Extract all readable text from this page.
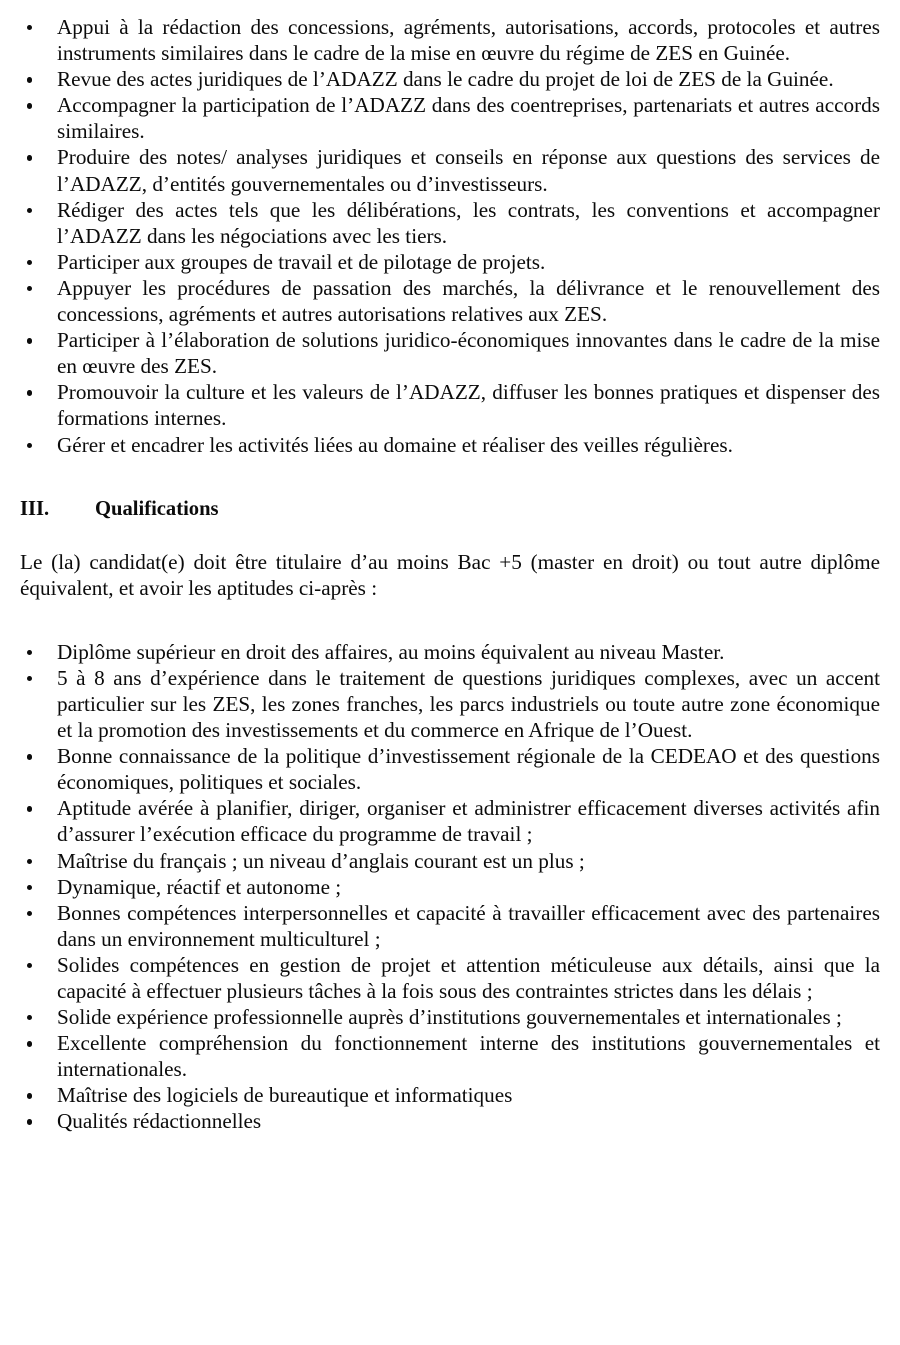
Appui à la rédaction des concessions, agréments, autorisations, accords, protocoles et autres instruments similaires dans le cadre de la mise en œuvre du régime de ZES en Guinée.
Revue des actes juridiques de l’ADAZZ dans le cadre du projet de loi de ZES de la Guinée.
Accompagner la participation de l’ADAZZ dans des coentreprises, partenariats et autres accords similaires.
Produire des notes/ analyses juridiques et conseils en réponse aux questions des services de l’ADAZZ, d’entités gouvernementales ou d’investisseurs.
Rédiger des actes tels que les délibérations, les contrats, les conventions et accompagner l’ADAZZ dans les négociations avec les tiers.
Participer aux groupes de travail et de pilotage de projets.
Appuyer les procédures de passation des marchés, la délivrance et le renouvellement des concessions, agréments et autres autorisations relatives aux ZES.
Participer à l’élaboration de solutions juridico-économiques innovantes dans le cadre de la mise en œuvre des ZES.
Promouvoir la culture et les valeurs de l’ADAZZ, diffuser les bonnes pratiques et dispenser des formations internes.
Gérer et encadrer les activités liées au domaine et réaliser des veilles régulières.
III.	Qualifications

Le (la) candidat(e) doit être titulaire d’au moins Bac +5 (master en droit) ou tout autre diplôme équivalent, et avoir les aptitudes ci-après :

Diplôme supérieur en droit des affaires, au moins équivalent au niveau Master.
5 à 8 ans d’expérience dans le traitement de questions juridiques complexes, avec un accent particulier sur les ZES, les zones franches, les parcs industriels ou toute autre zone économique et la promotion des investissements et du commerce en Afrique de l’Ouest.
Bonne connaissance de la politique d’investissement régionale de la CEDEAO et des questions économiques, politiques et sociales.
Aptitude avérée à planifier, diriger, organiser et administrer efficacement diverses activités afin d’assurer l’exécution efficace du programme de travail ;
Maîtrise du français ; un niveau d’anglais courant est un plus ;
Dynamique, réactif et autonome ;
Bonnes compétences interpersonnelles et capacité à travailler efficacement avec des partenaires dans un environnement multiculturel ;
Solides compétences en gestion de projet et attention méticuleuse aux détails, ainsi que la capacité à effectuer plusieurs tâches à la fois sous des contraintes strictes dans les délais ;
Solide expérience professionnelle auprès d’institutions gouvernementales et internationales ;
Excellente compréhension du fonctionnement interne des institutions gouvernementales et internationales.
Maîtrise des logiciels de bureautique et informatiques
Qualités rédactionnelles
